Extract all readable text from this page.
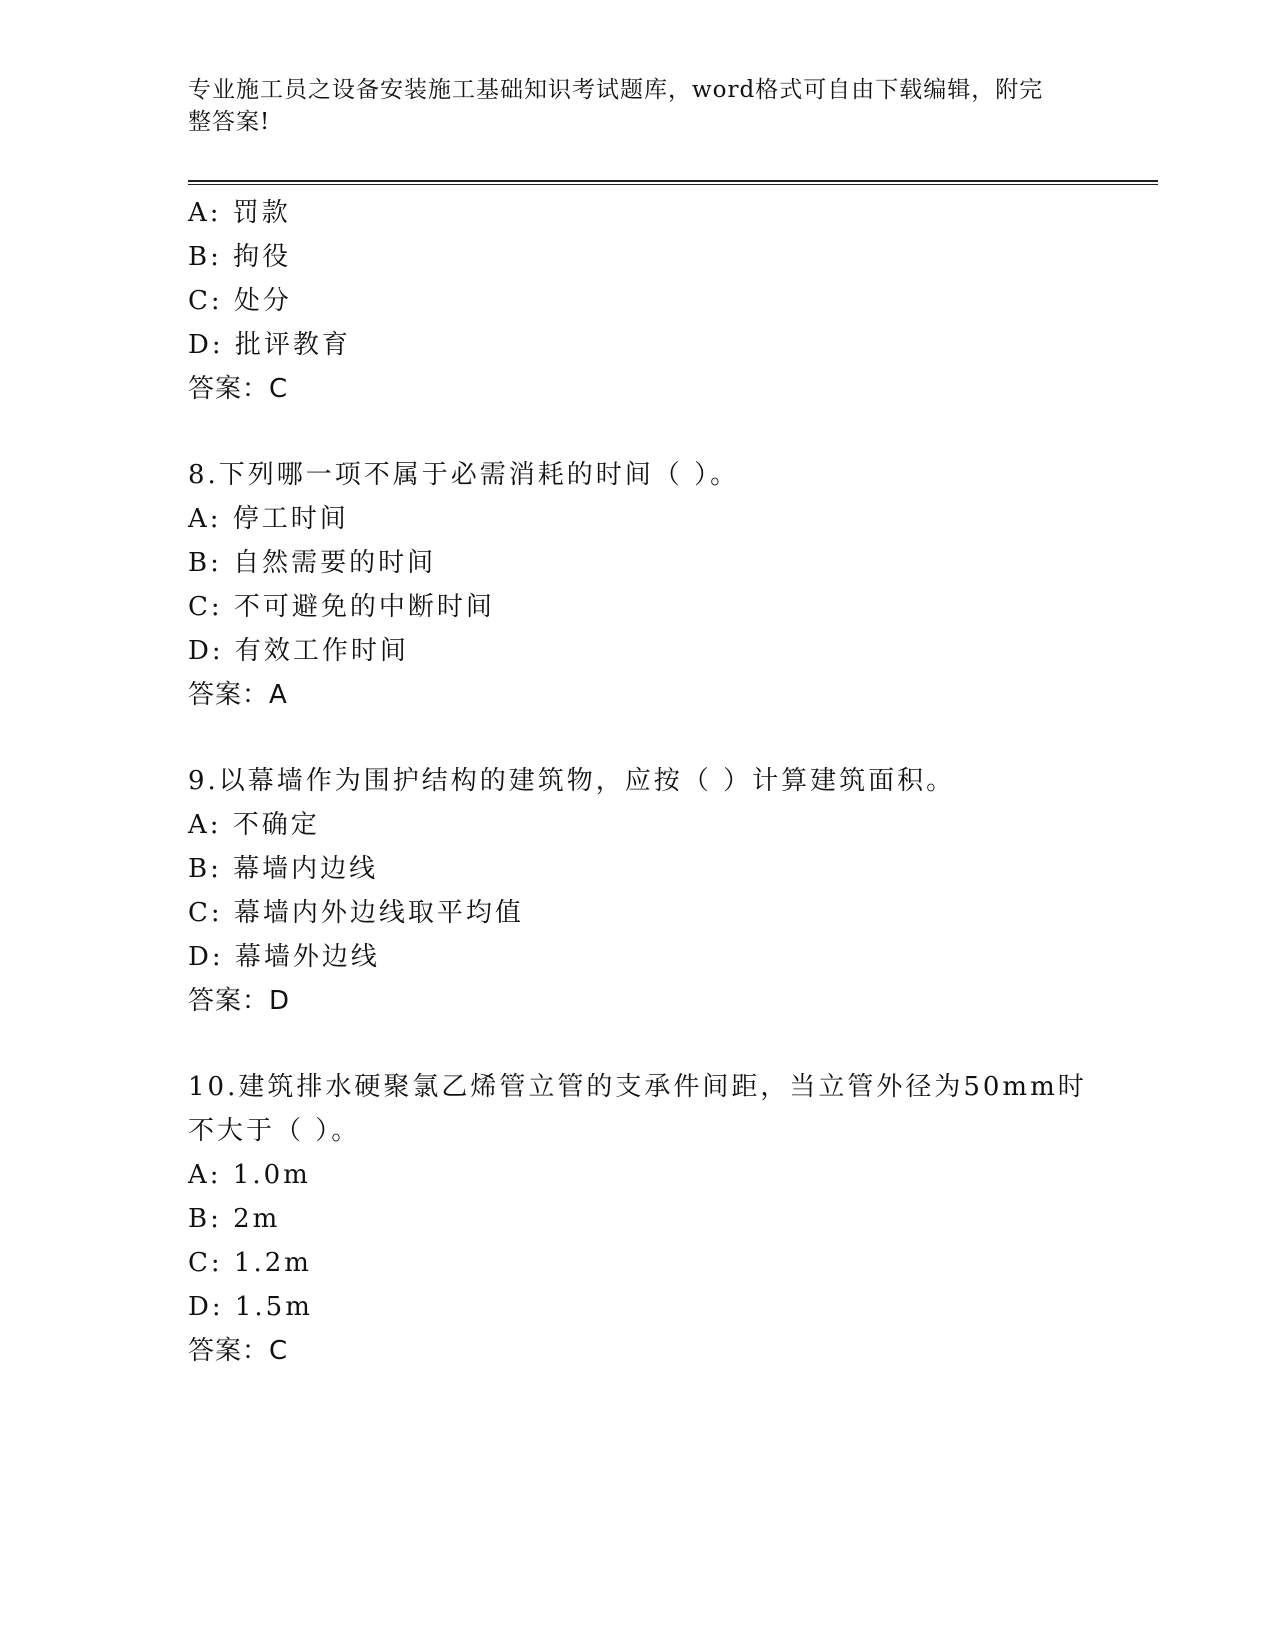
专业施工员之设备安装施工基础知识考试题库，word格式可自由下载编辑，附完
整答案!
A: 罚款
B: 拘役
C: 处分
D: 批评教育
答案：C
8.下列哪一项不属于必需消耗的时间（ ）。
A: 停工时间
B: 自然需要的时间
C: 不可避免的中断时间
D: 有效工作时间
答案：A
9.以幕墙作为围护结构的建筑物，应按（ ）计算建筑面积。
A: 不确定
B: 幕墙内边线
C: 幕墙内外边线取平均值
D: 幕墙外边线
答案：D
10.建筑排水硬聚氯乙烯管立管的支承件间距，当立管外径为50mm时
不大于（ ）。
A: 1.0m
B: 2m
C: 1.2m
D: 1.5m
答案：C
